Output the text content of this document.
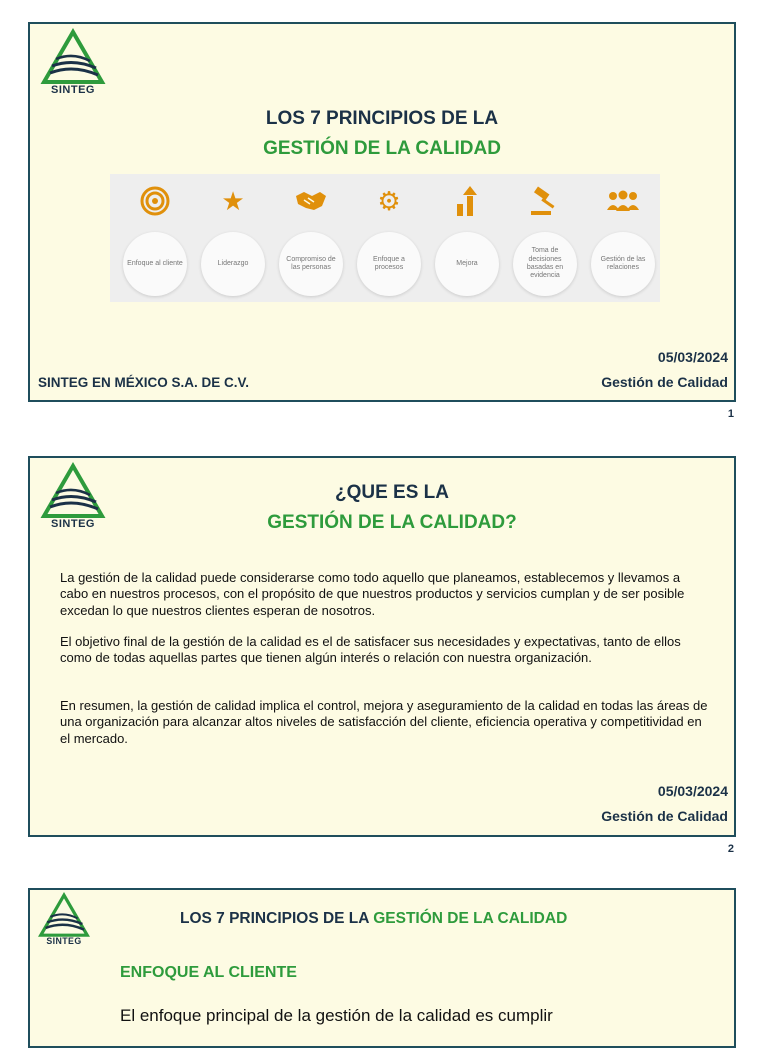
SINTEG
LOS 7 PRINCIPIOS DE LA
GESTIÓN DE LA CALIDAD
Enfoque al cliente
★
Liderazgo
Compromiso de las personas
⚙
Enfoque a procesos
Mejora
Toma de decisiones basadas en evidencia
Gestión de las relaciones
05/03/2024
Gestión de Calidad
SINTEG EN MÉXICO S.A. DE C.V.
1
SINTEG
¿QUE ES LA
GESTIÓN DE LA CALIDAD?
La gestión de la calidad puede considerarse como todo aquello que planeamos, establecemos y llevamos a cabo en nuestros procesos, con el propósito de que nuestros productos y servicios cumplan y de ser posible excedan lo que nuestros clientes esperan de nosotros.
El objetivo final de la gestión de la calidad es el de satisfacer sus necesidades y expectativas, tanto de ellos como de todas aquellas partes que tienen algún interés o relación con nuestra organización.
En resumen, la gestión de calidad implica el control, mejora y aseguramiento de la calidad en todas las áreas de una organización para alcanzar altos niveles de satisfacción del cliente, eficiencia operativa y competitividad en el mercado.
05/03/2024
Gestión de Calidad
2
SINTEG
LOS 7 PRINCIPIOS DE LA GESTIÓN DE LA CALIDAD
ENFOQUE AL CLIENTE
El enfoque principal de la gestión de la calidad es cumplir
